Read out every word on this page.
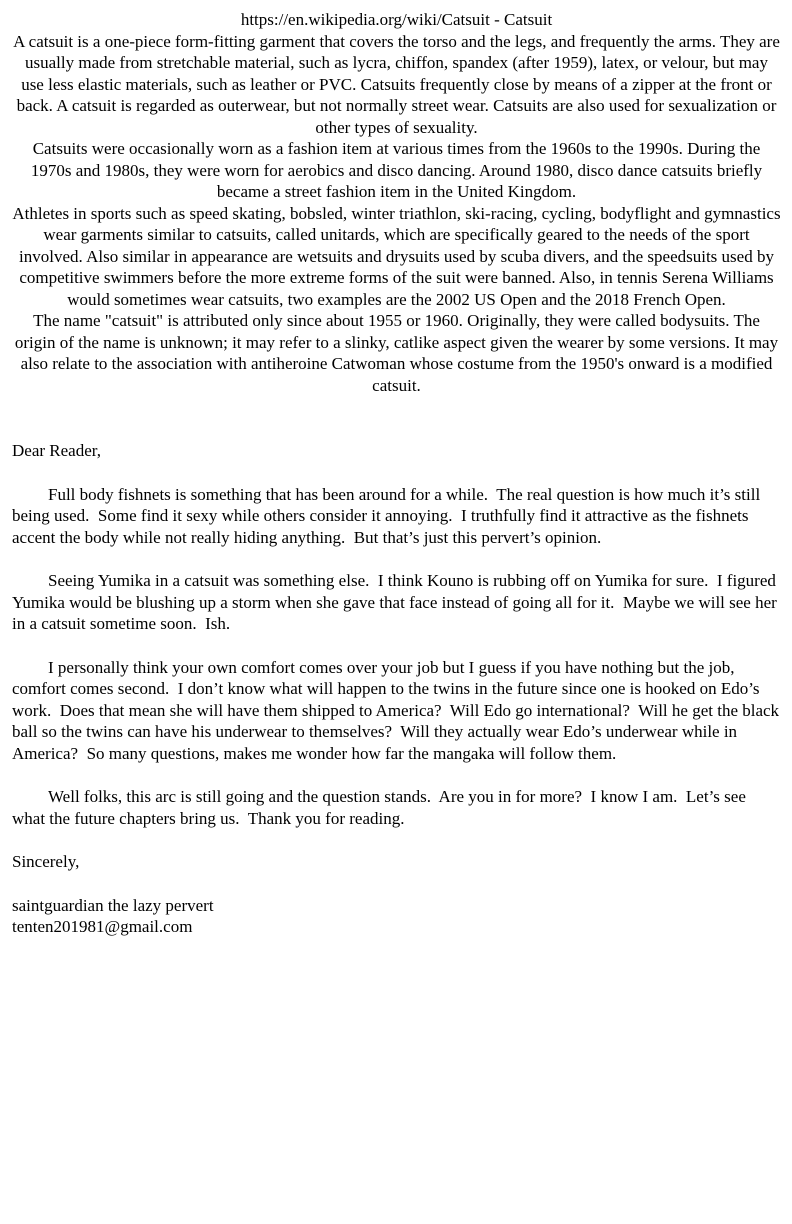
https://en.wikipedia.org/wiki/Catsuit - Catsuit

A catsuit is a one-piece form-fitting garment that covers the torso and the legs, and frequently the arms. They are usually made from stretchable material, such as lycra, chiffon, spandex (after 1959), latex, or velour, but may use less elastic materials, such as leather or PVC. Catsuits frequently close by means of a zipper at the front or back. A catsuit is regarded as outerwear, but not normally street wear. Catsuits are also used for sexualization or other types of sexuality.

Catsuits were occasionally worn as a fashion item at various times from the 1960s to the 1990s. During the 1970s and 1980s, they were worn for aerobics and disco dancing. Around 1980, disco dance catsuits briefly became a street fashion item in the United Kingdom.

Athletes in sports such as speed skating, bobsled, winter triathlon, ski-racing, cycling, bodyflight and gymnastics wear garments similar to catsuits, called unitards, which are specifically geared to the needs of the sport involved. Also similar in appearance are wetsuits and drysuits used by scuba divers, and the speedsuits used by competitive swimmers before the more extreme forms of the suit were banned. Also, in tennis Serena Williams would sometimes wear catsuits, two examples are the 2002 US Open and the 2018 French Open.

The name "catsuit" is attributed only since about 1955 or 1960. Originally, they were called bodysuits. The origin of the name is unknown; it may refer to a slinky, catlike aspect given the wearer by some versions. It may also relate to the association with antiheroine Catwoman whose costume from the 1950's onward is a modified catsuit.

Dear Reader,

Full body fishnets is something that has been around for a while.  The real question is how much it’s still being used.  Some find it sexy while others consider it annoying.  I truthfully find it attractive as the fishnets accent the body while not really hiding anything.  But that’s just this pervert’s opinion.

Seeing Yumika in a catsuit was something else.  I think Kouno is rubbing off on Yumika for sure.  I figured Yumika would be blushing up a storm when she gave that face instead of going all for it.  Maybe we will see her in a catsuit sometime soon.  Ish.

I personally think your own comfort comes over your job but I guess if you have nothing but the job, comfort comes second.  I don’t know what will happen to the twins in the future since one is hooked on Edo’s work.  Does that mean she will have them shipped to America?  Will Edo go international?  Will he get the black ball so the twins can have his underwear to themselves?  Will they actually wear Edo’s underwear while in America?  So many questions, makes me wonder how far the mangaka will follow them.

Well folks, this arc is still going and the question stands.  Are you in for more?  I know I am.  Let’s see what the future chapters bring us.  Thank you for reading.

Sincerely,

saintguardian the lazy pervert

tenten201981@gmail.com
